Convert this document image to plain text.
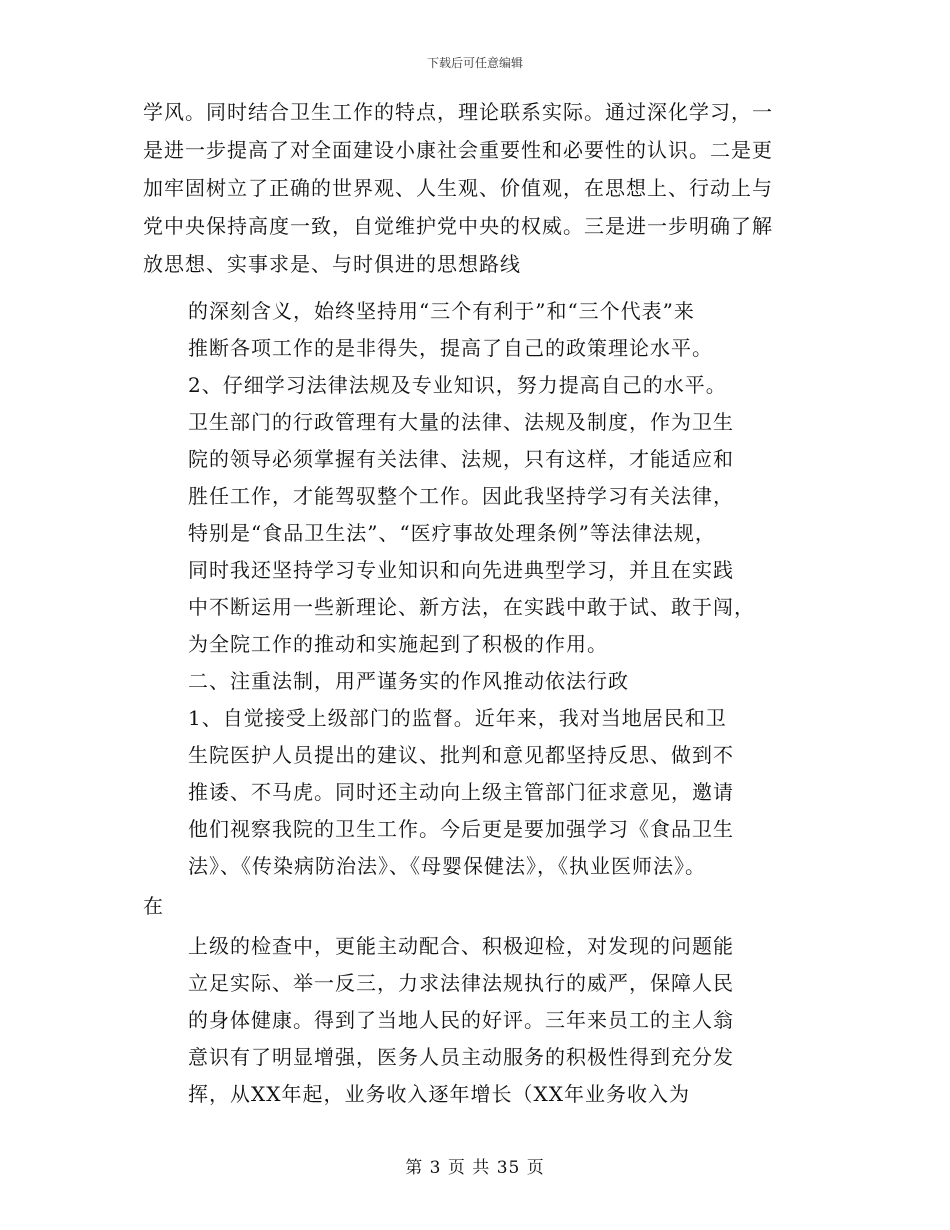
下载后可任意编辑
学风。同时结合卫生工作的特点，理论联系实际。通过深化学习，一
是进一步提高了对全面建设小康社会重要性和必要性的认识。二是更
加牢固树立了正确的世界观、人生观、价值观，在思想上、行动上与
党中央保持高度一致，自觉维护党中央的权威。三是进一步明确了解
放思想、实事求是、与时俱进的思想路线
的深刻含义，始终坚持用“三个有利于”和“三个代表”来
推断各项工作的是非得失，提高了自己的政策理论水平。
2、仔细学习法律法规及专业知识，努力提高自己的水平。
卫生部门的行政管理有大量的法律、法规及制度，作为卫生
院的领导必须掌握有关法律、法规，只有这样，才能适应和
胜任工作，才能驾驭整个工作。因此我坚持学习有关法律，
特别是“食品卫生法”、“医疗事故处理条例”等法律法规，
同时我还坚持学习专业知识和向先进典型学习，并且在实践
中不断运用一些新理论、新方法，在实践中敢于试、敢于闯，
为全院工作的推动和实施起到了积极的作用。
二、注重法制，用严谨务实的作风推动依法行政
1、自觉接受上级部门的监督。近年来，我对当地居民和卫
生院医护人员提出的建议、批判和意见都坚持反思、做到不
推诿、不马虎。同时还主动向上级主管部门征求意见，邀请
他们视察我院的卫生工作。今后更是要加强学习《食品卫生
法》、《传染病防治法》、《母婴保健法》，《执业医师法》。
在
上级的检查中，更能主动配合、积极迎检，对发现的问题能
立足实际、举一反三，力求法律法规执行的威严，保障人民
的身体健康。得到了当地人民的好评。三年来员工的主人翁
意识有了明显增强，医务人员主动服务的积极性得到充分发
挥，从XX年起，业务收入逐年增长（XX年业务收入为
第 3 页 共 35 页
